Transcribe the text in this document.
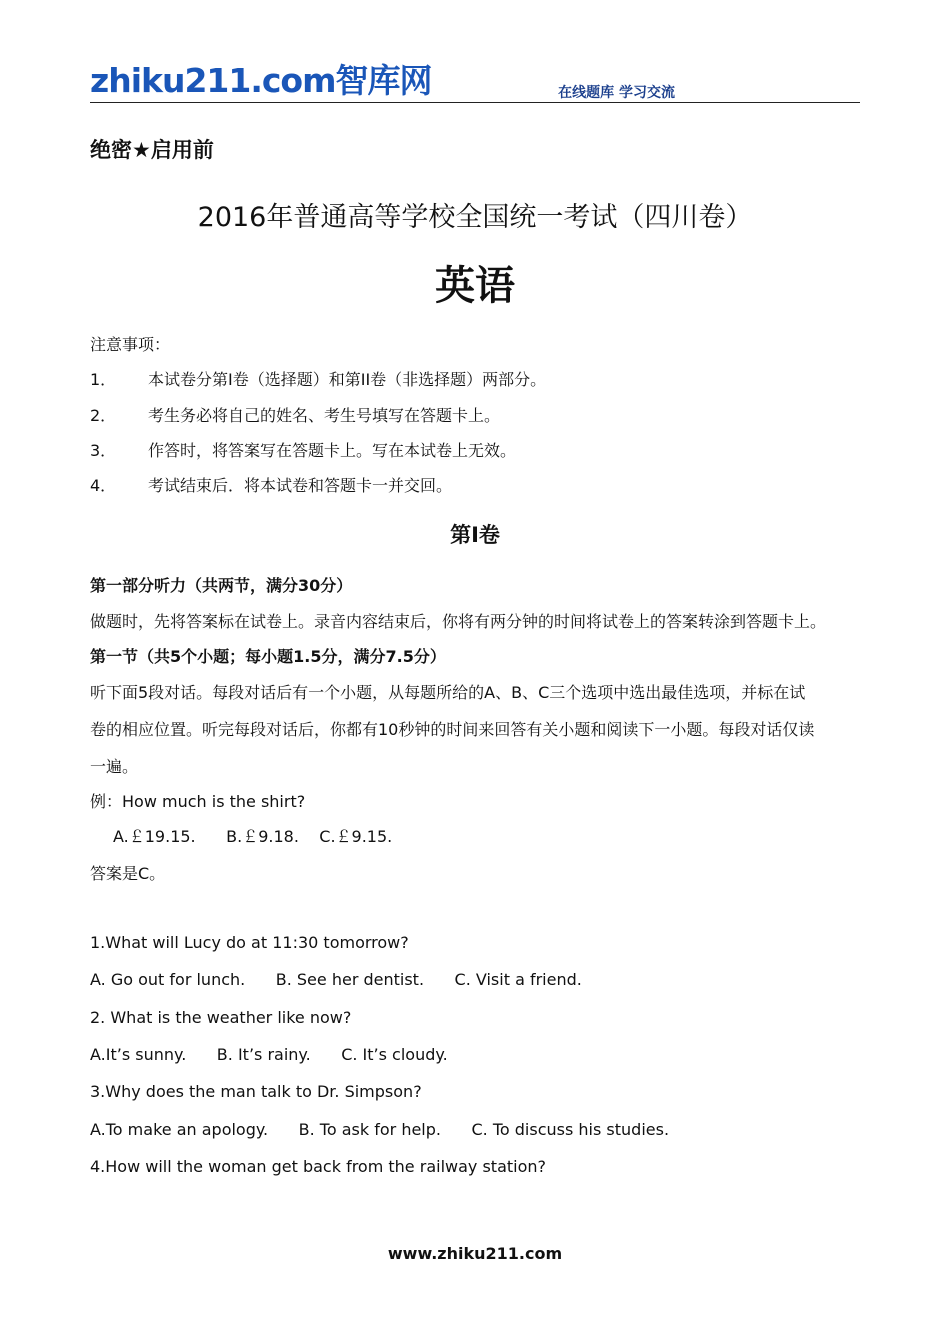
zhiku211.com智库网	在线题库 学习交流
绝密★启用前
2016年普通高等学校全国统一考试（四川卷）
英语
注意事项：
1． 本试卷分第I卷（选择题）和第II卷（非选择题）两部分。
2． 考生务必将自己的姓名、考生号填写在答题卡上。
3． 作答时，将答案写在答题卡上。写在本试卷上无效。
4． 考试结束后．将本试卷和答题卡一并交回。
第I卷
第一部分听力（共两节，满分30分）
做题时，先将答案标在试卷上。录音内容结束后，你将有两分钟的时间将试卷上的答案转涂到答题卡上。
第一节（共5个小题；每小题1.5分，满分7.5分）
听下面5段对话。每段对话后有一个小题，从每题所给的A、B、C三个选项中选出最佳选项，并标在试
卷的相应位置。听完每段对话后，你都有10秒钟的时间来回答有关小题和阅读下一小题。每段对话仅读
一遍。
例：How much is the shirt?
A.￡19.15.      B.￡9.18.    C.￡9.15.
答案是C。
1.What will Lucy do at 11:30 tomorrow?
A. Go out for lunch.      B. See her dentist.      C. Visit a friend.
2. What is the weather like now?
A.It’s sunny.      B. It’s rainy.      C. It’s cloudy.
3.Why does the man talk to Dr. Simpson?
A.To make an apology.      B. To ask for help.      C. To discuss his studies.
4.How will the woman get back from the railway station?
www.zhiku211.com
